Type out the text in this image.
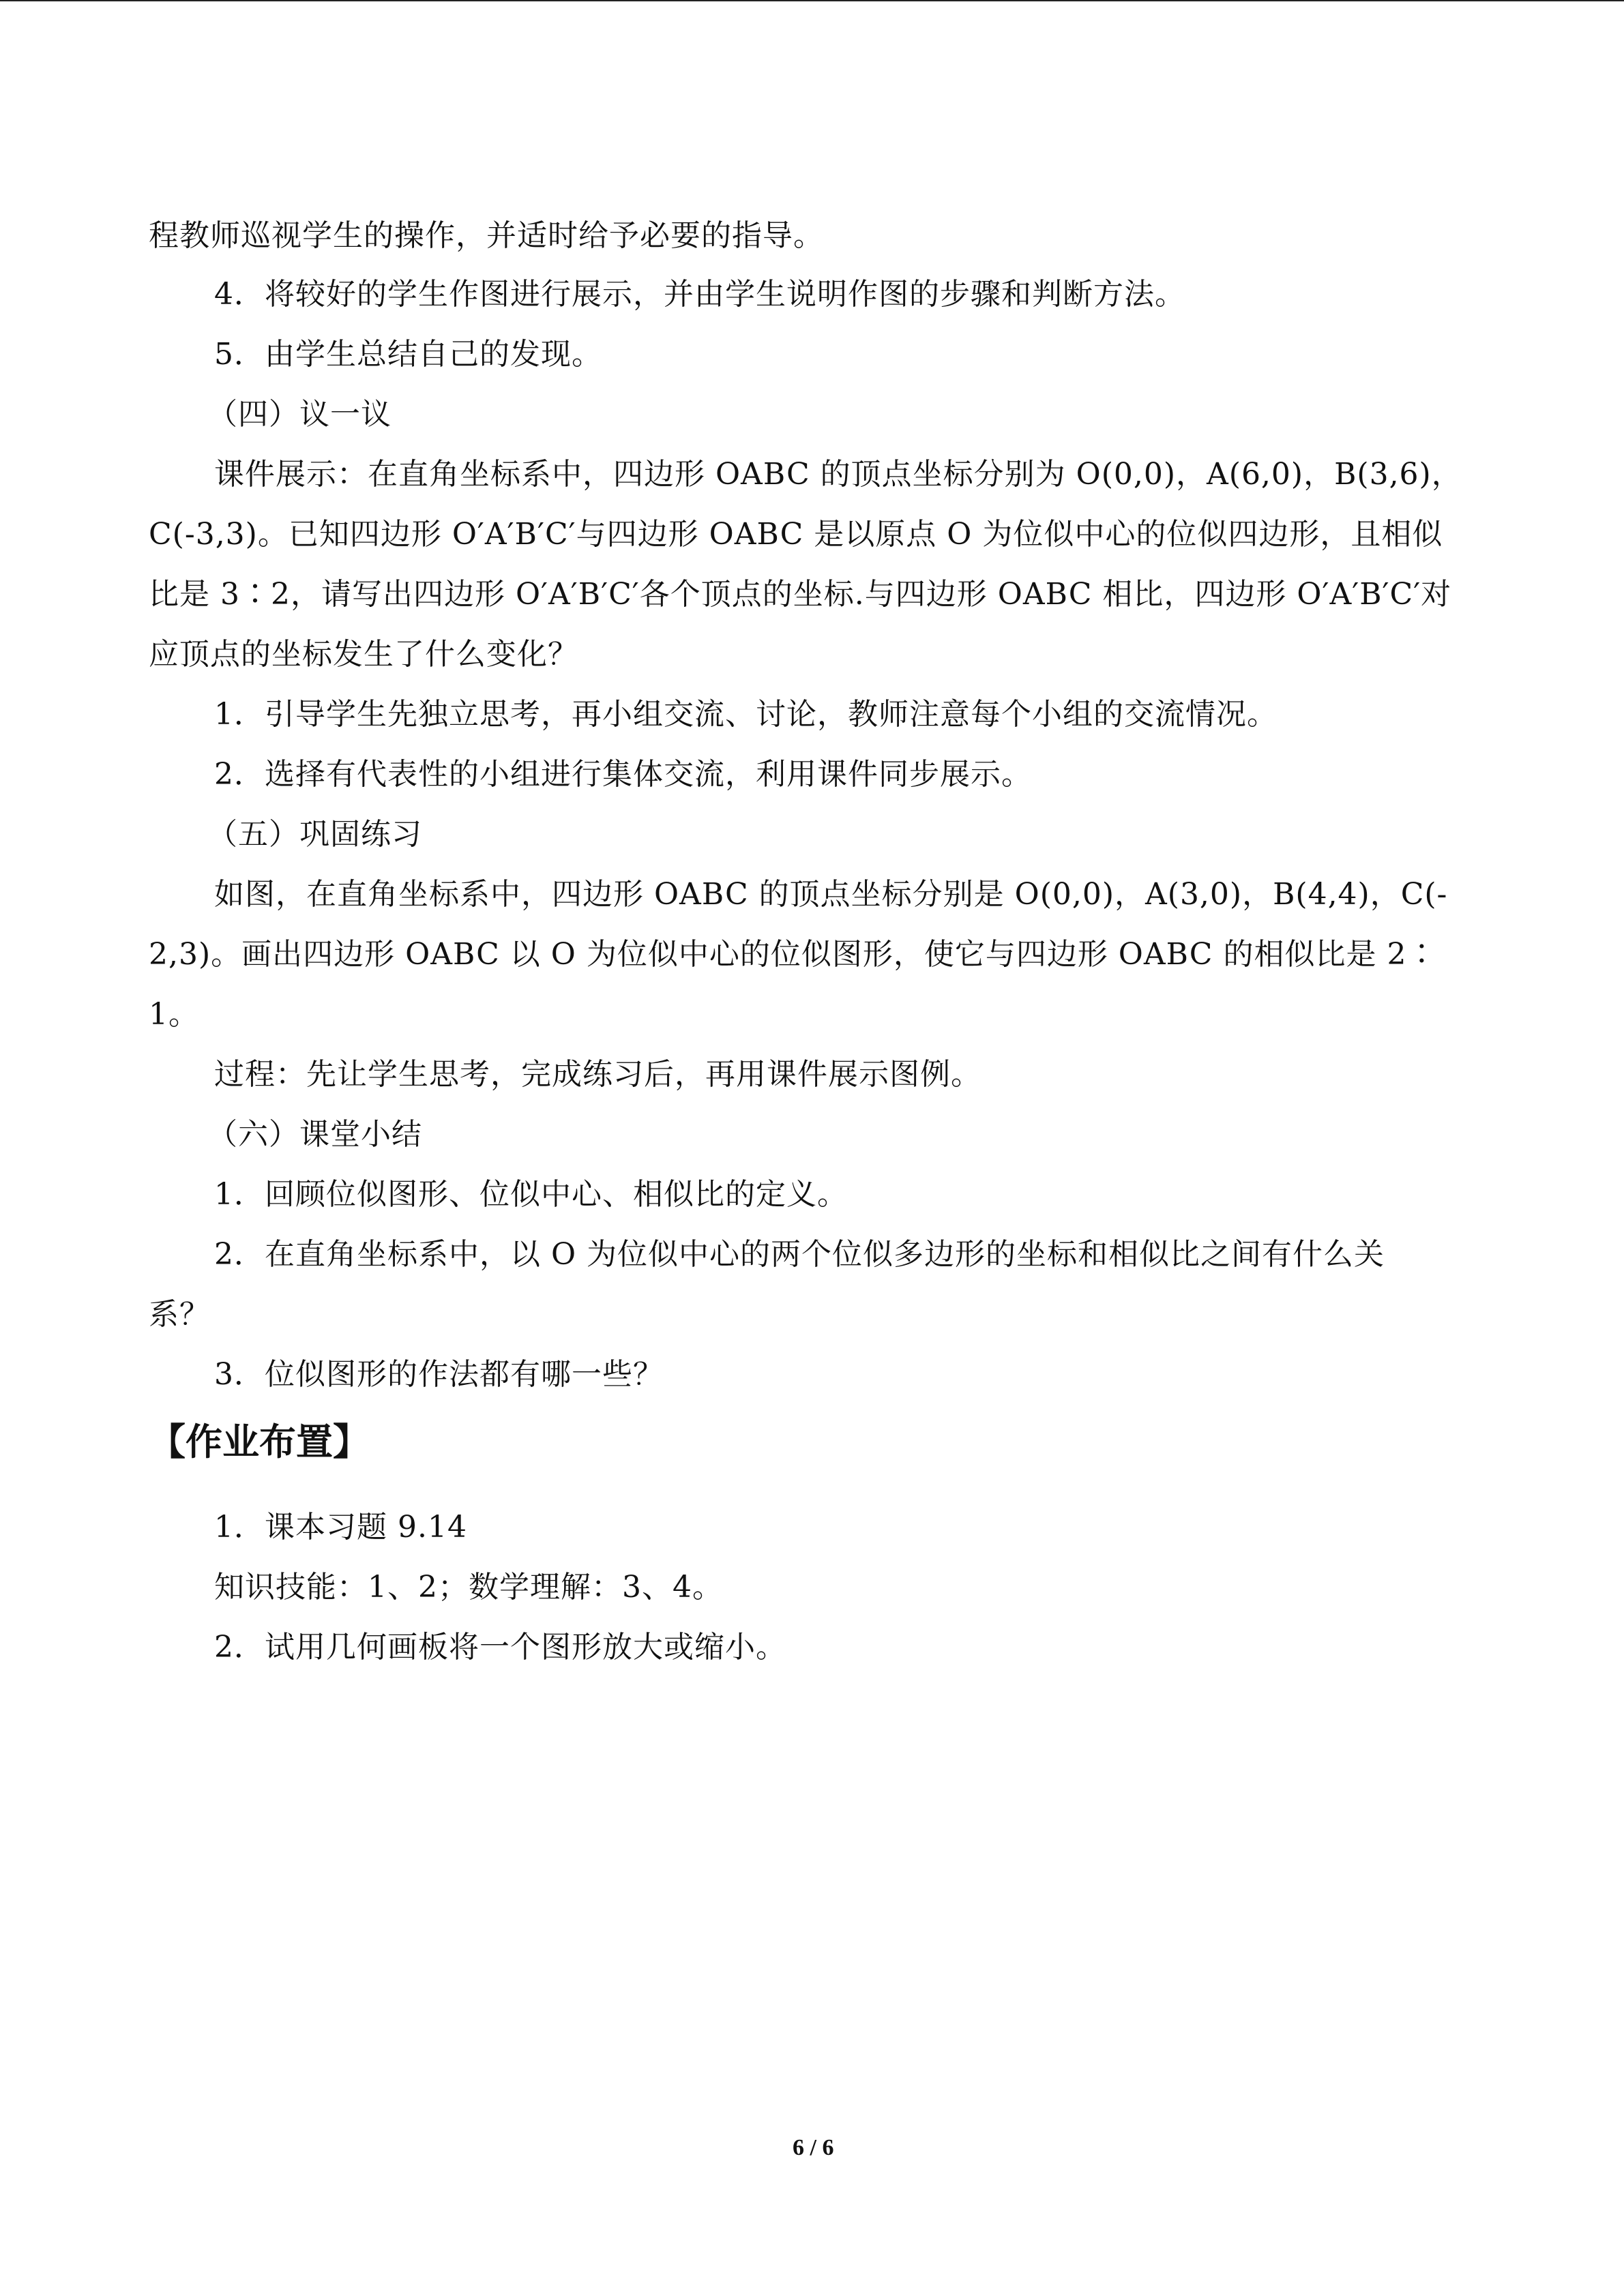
程教师巡视学生的操作，并适时给予必要的指导。
4．将较好的学生作图进行展示，并由学生说明作图的步骤和判断方法。
5．由学生总结自己的发现。
（四）议一议
课件展示：在直角坐标系中，四边形 OABC 的顶点坐标分别为 O(0,0)，A(6,0)，B(3,6)，
C(-3,3)。已知四边形 O′A′B′C′与四边形 OABC 是以原点 O 为位似中心的位似四边形，且相似
比是 3∶2，请写出四边形 O′A′B′C′各个顶点的坐标.与四边形 OABC 相比，四边形 O′A′B′C′对
应顶点的坐标发生了什么变化？
1．引导学生先独立思考，再小组交流、讨论，教师注意每个小组的交流情况。
2．选择有代表性的小组进行集体交流，利用课件同步展示。
（五）巩固练习
如图，在直角坐标系中，四边形 OABC 的顶点坐标分别是 O(0,0)，A(3,0)，B(4,4)，C(-
2,3)。画出四边形 OABC 以 O 为位似中心的位似图形，使它与四边形 OABC 的相似比是 2∶
1。
过程：先让学生思考，完成练习后，再用课件展示图例。
（六）课堂小结
1．回顾位似图形、位似中心、相似比的定义。
2．在直角坐标系中，以 O 为位似中心的两个位似多边形的坐标和相似比之间有什么关
系？
3．位似图形的作法都有哪一些？
【作业布置】
1．课本习题 9.14
知识技能：1、2；数学理解：3、4。
2．试用几何画板将一个图形放大或缩小。
6 / 6
